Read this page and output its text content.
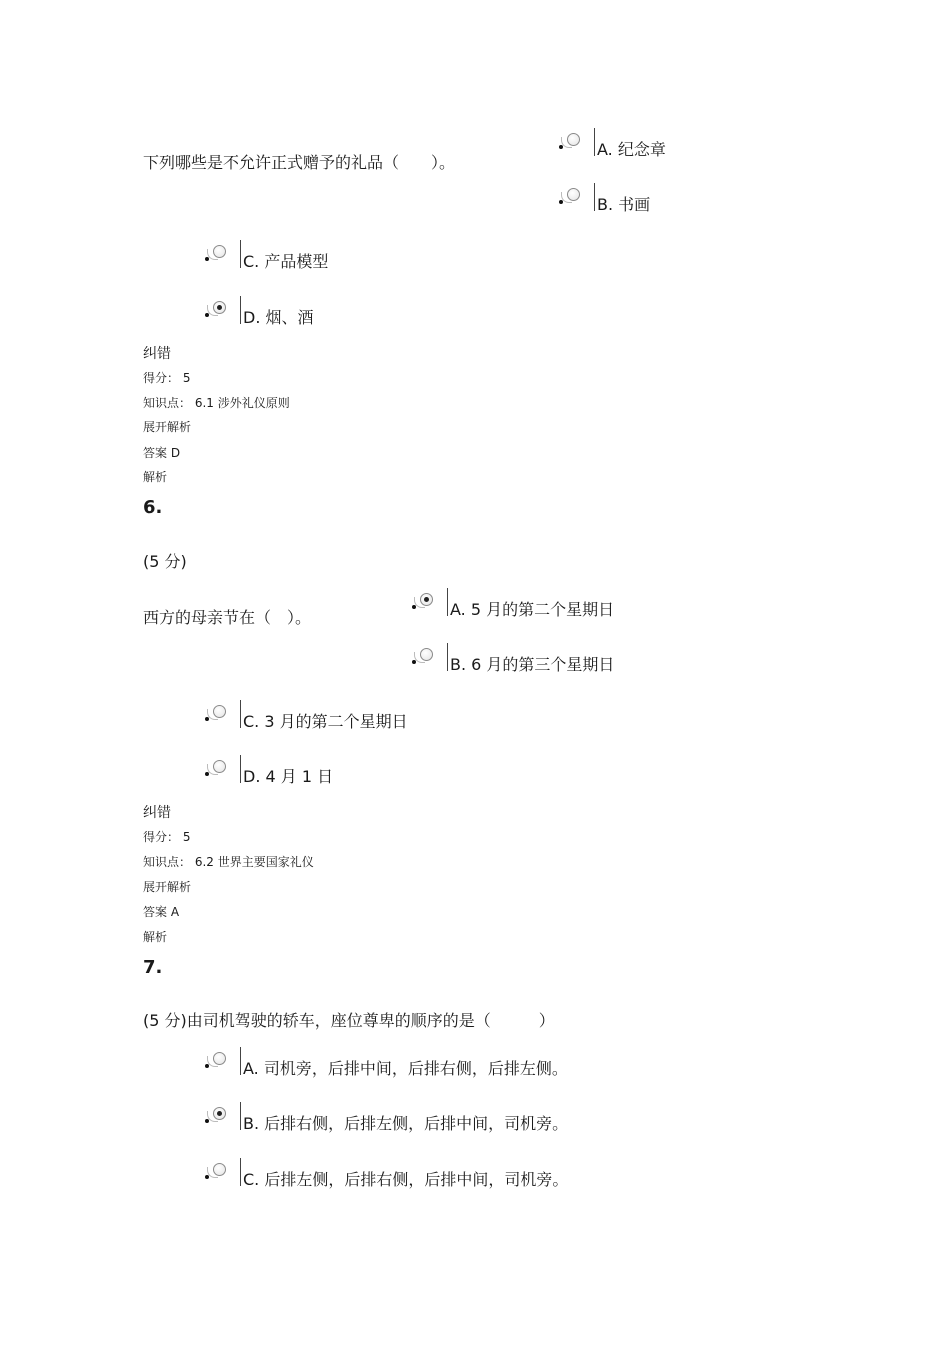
下列哪些是不允许正式赠予的礼品（　　）。
A. 纪念章
B. 书画
C. 产品模型
D. 烟、酒
纠错
得分： 5
知识点： 6.1 涉外礼仪原则
展开解析
答案 D
解析
6.
(5 分)
西方的母亲节在（　）。	A. 5 月的第二个星期日
B. 6 月的第三个星期日
C. 3 月的第二个星期日
D. 4 月 1 日
纠错
得分： 5
知识点： 6.2 世界主要国家礼仪
展开解析
答案 A
解析
7.
(5 分)由司机驾驶的轿车，座位尊卑的顺序的是（　　　）
A. 司机旁，后排中间，后排右侧，后排左侧。
B. 后排右侧，后排左侧，后排中间，司机旁。
C. 后排左侧，后排右侧，后排中间，司机旁。
